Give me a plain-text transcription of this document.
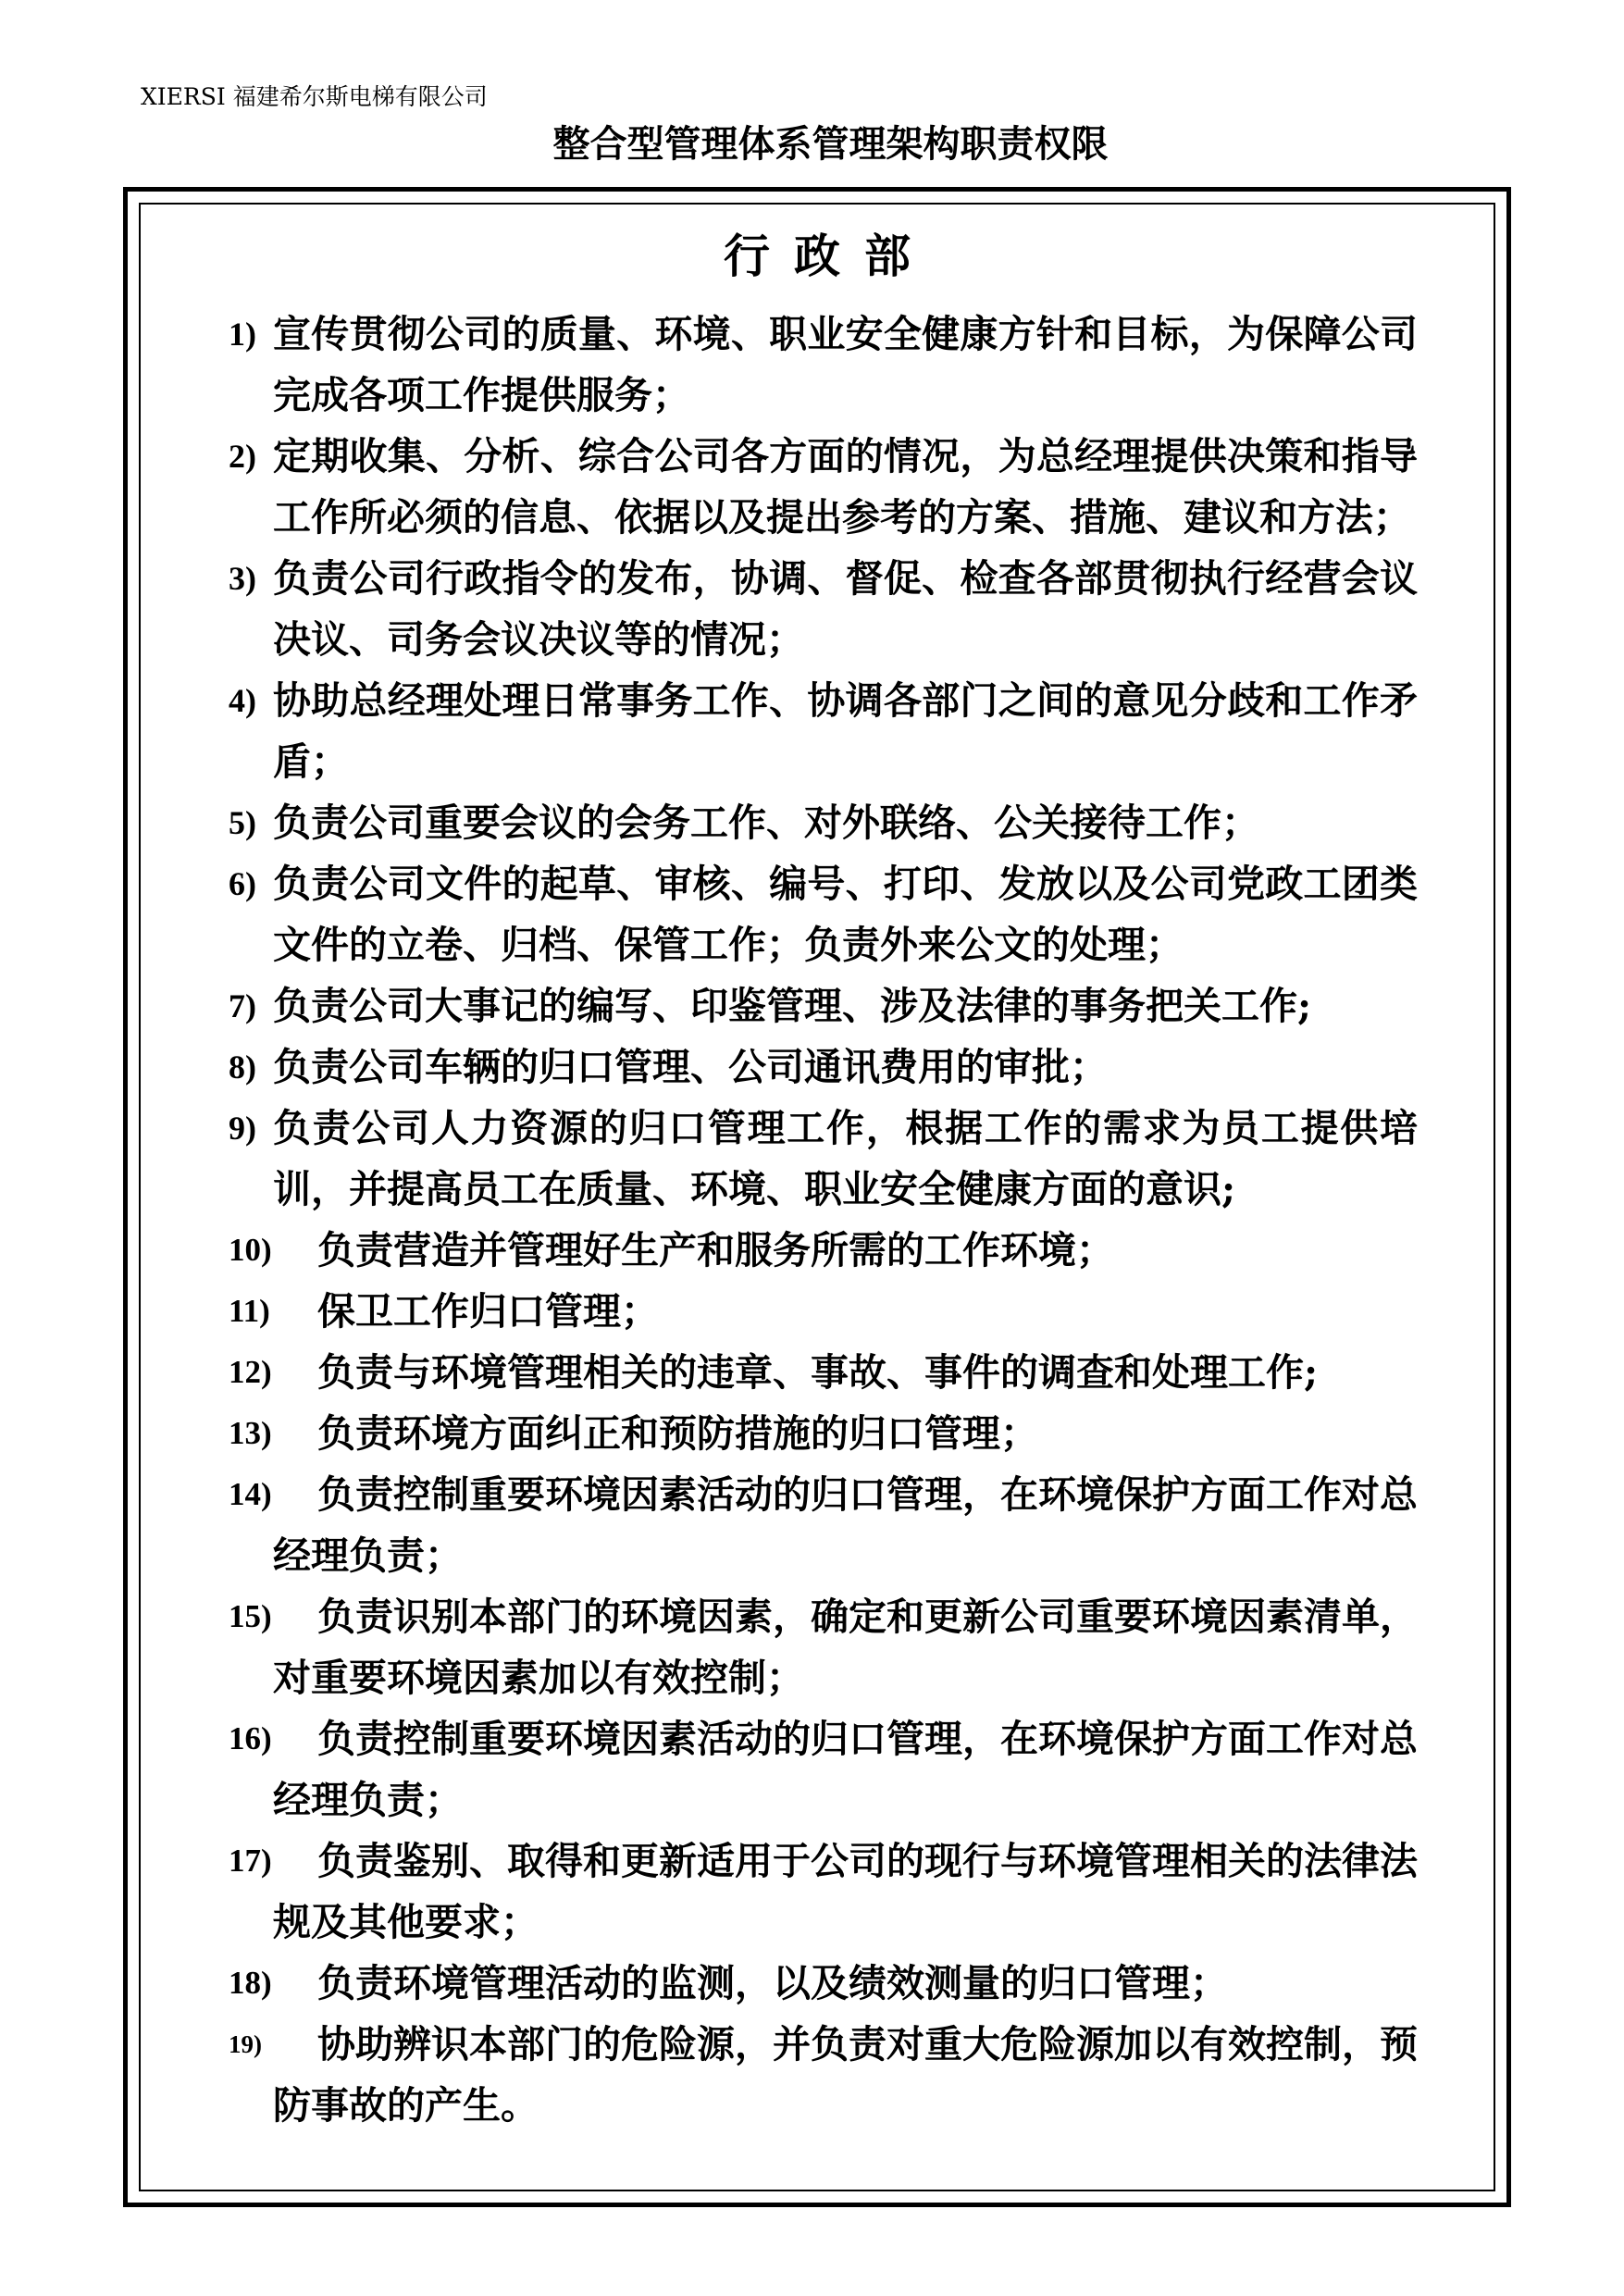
XIERSI 福建希尔斯电梯有限公司
整合型管理体系管理架构职责权限
行政部
1) 宣传贯彻公司的质量、环境、职业安全健康方针和目标，为保障公司完成各项工作提供服务；
2) 定期收集、分析、综合公司各方面的情况，为总经理提供决策和指导工作所必须的信息、依据以及提出参考的方案、措施、建议和方法；
3) 负责公司行政指令的发布，协调、督促、检查各部贯彻执行经营会议决议、司务会议决议等的情况；
4) 协助总经理处理日常事务工作、协调各部门之间的意见分歧和工作矛盾；
5) 负责公司重要会议的会务工作、对外联络、公关接待工作；
6) 负责公司文件的起草、审核、编号、打印、发放以及公司党政工团类文件的立卷、归档、保管工作；负责外来公文的处理；
7) 负责公司大事记的编写、印鉴管理、涉及法律的事务把关工作;
8) 负责公司车辆的归口管理、公司通讯费用的审批；
9) 负责公司人力资源的归口管理工作，根据工作的需求为员工提供培训，并提高员工在质量、环境、职业安全健康方面的意识;
10) 负责营造并管理好生产和服务所需的工作环境；
11) 保卫工作归口管理；
12) 负责与环境管理相关的违章、事故、事件的调查和处理工作;
13) 负责环境方面纠正和预防措施的归口管理；
14) 负责控制重要环境因素活动的归口管理，在环境保护方面工作对总经理负责；
15) 负责识别本部门的环境因素，确定和更新公司重要环境因素清单，对重要环境因素加以有效控制；
16) 负责控制重要环境因素活动的归口管理，在环境保护方面工作对总经理负责；
17) 负责鉴别、取得和更新适用于公司的现行与环境管理相关的法律法规及其他要求；
18) 负责环境管理活动的监测，以及绩效测量的归口管理；
19) 协助辨识本部门的危险源，并负责对重大危险源加以有效控制，预防事故的产生。
